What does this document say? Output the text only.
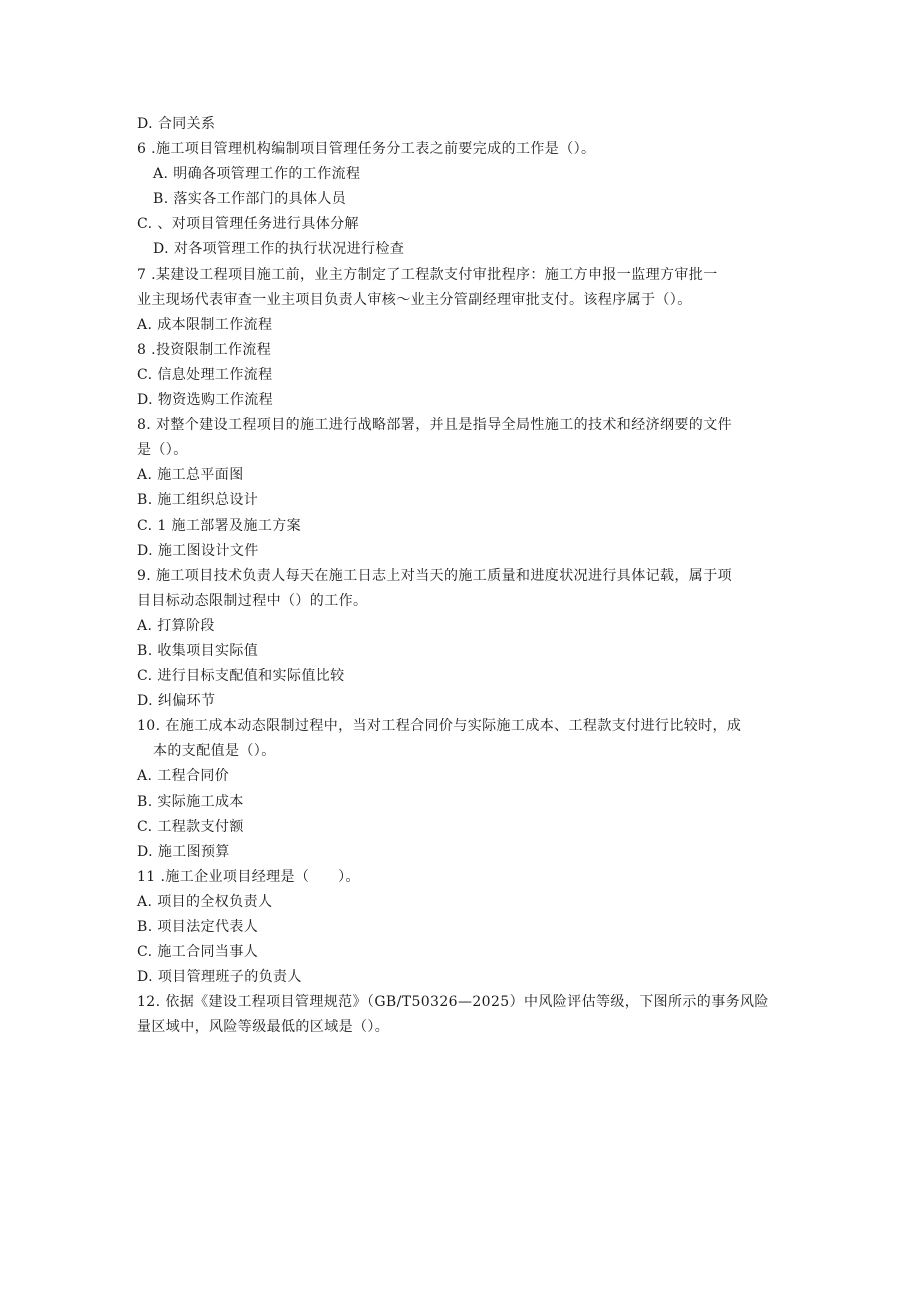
D. 合同关系
6 .施工项目管理机构编制项目管理任务分工表之前要完成的工作是（）。
A. 明确各项管理工作的工作流程
B. 落实各工作部门的具体人员
C. 、对项目管理任务进行具体分解
D. 对各项管理工作的执行状况进行检查
7 .某建设工程项目施工前，业主方制定了工程款支付审批程序：施工方申报一监理方审批一
业主现场代表审查一业主项目负责人审核～业主分管副经理审批支付。该程序属于（）。
A. 成本限制工作流程
8 .投资限制工作流程
C. 信息处理工作流程
D. 物资选购工作流程
8. 对整个建设工程项目的施工进行战略部署，并且是指导全局性施工的技术和经济纲要的文件
是（）。
A. 施工总平面图
B. 施工组织总设计
C. 1 施工部署及施工方案
D. 施工图设计文件
9. 施工项目技术负责人每天在施工日志上对当天的施工质量和进度状况进行具体记载，属于项
目目标动态限制过程中（）的工作。
A. 打算阶段
B. 收集项目实际值
C. 进行目标支配值和实际值比较
D. 纠偏环节
10. 在施工成本动态限制过程中，当对工程合同价与实际施工成本、工程款支付进行比较时，成
本的支配值是（）。
A. 工程合同价
B. 实际施工成本
C. 工程款支付额
D. 施工图预算
11 .施工企业项目经理是（　　）。
A. 项目的全权负责人
B. 项目法定代表人
C. 施工合同当事人
D. 项目管理班子的负责人
12. 依据《建设工程项目管理规范》（GB/T50326—2025）中风险评估等级，下图所示的事务风险
量区域中，风险等级最低的区域是（）。
